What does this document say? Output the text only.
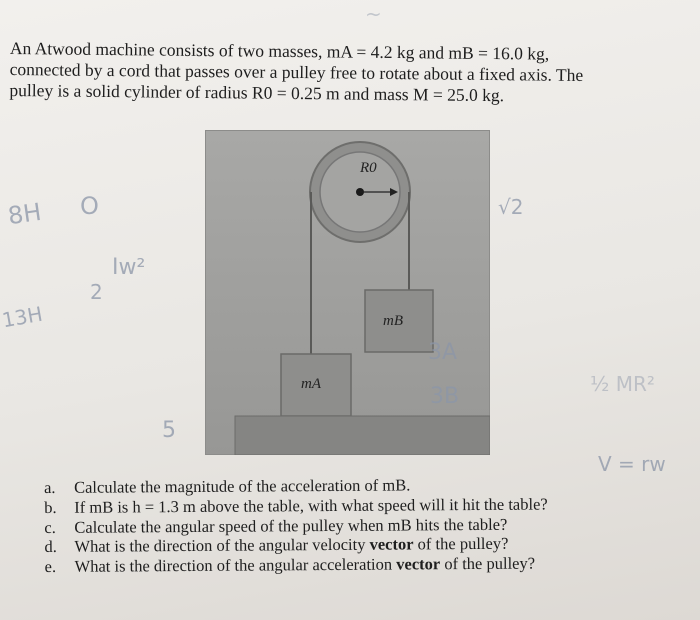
~
8H O
Iw²
2
13H
5
√2
3A
3B	½ MR²
V = rw

An Atwood machine consists of two masses, mA = 4.2 kg and mB = 16.0 kg,

connected by a cord that passes over a pulley free to rotate about a fixed axis. The

pulley is a solid cylinder of radius R0 = 0.25 m and mass M = 25.0 kg.

R0
mB
mA
a.	Calculate the magnitude of the acceleration of mB.
b.	If mB is h = 1.3 m above the table, with what speed will it hit the table?
c.	Calculate the angular speed of the pulley when mB hits the table?
d.	What is the direction of the angular velocity vector of the pulley?
e.	What is the direction of the angular acceleration vector of the pulley?
